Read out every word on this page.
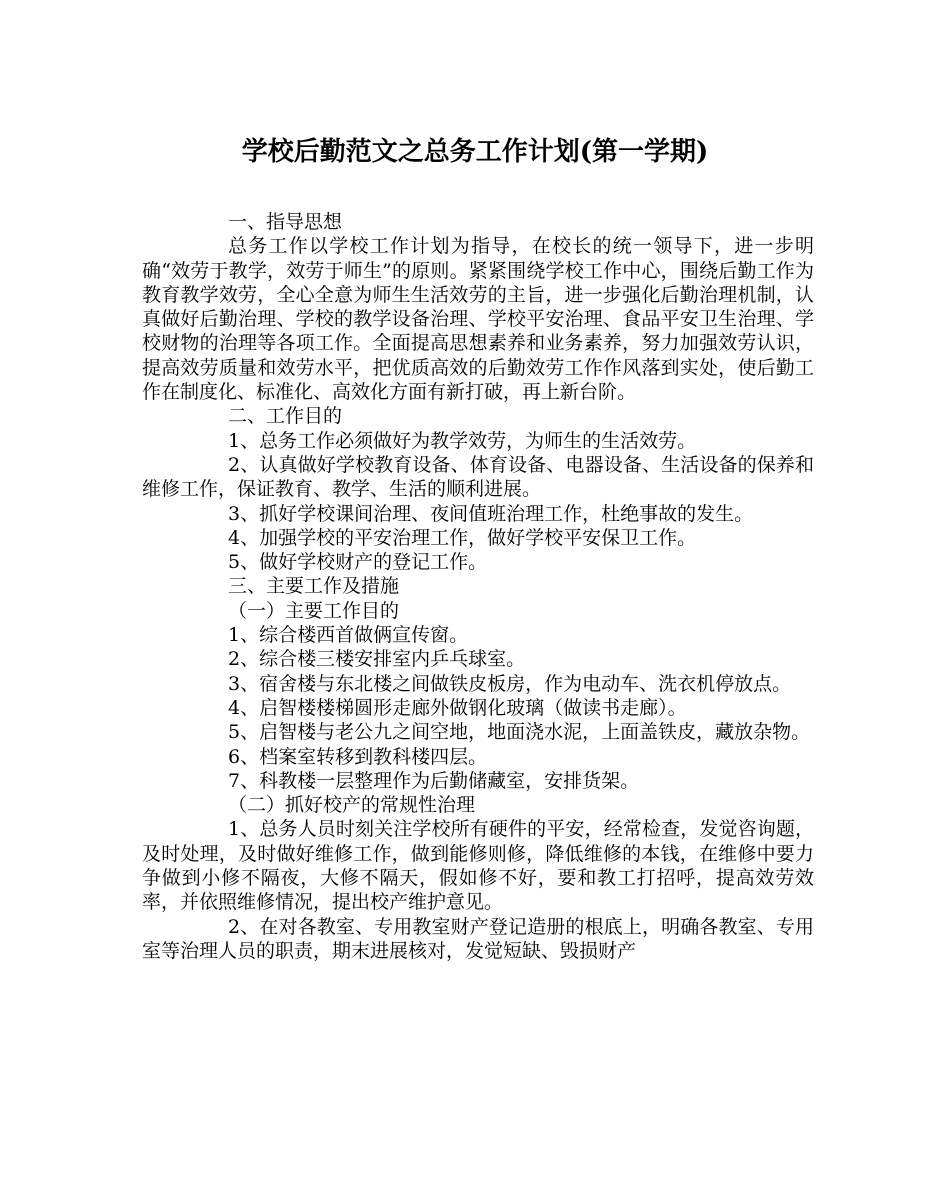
学校后勤范文之总务工作计划(第一学期)

一、指导思想

总务工作以学校工作计划为指导，在校长的统一领导下，进一步明确“效劳于教学，效劳于师生”的原则。紧紧围绕学校工作中心，围绕后勤工作为教育教学效劳，全心全意为师生生活效劳的主旨，进一步强化后勤治理机制，认真做好后勤治理、学校的教学设备治理、学校平安治理、食品平安卫生治理、学校财物的治理等各项工作。全面提高思想素养和业务素养，努力加强效劳认识，提高效劳质量和效劳水平，把优质高效的后勤效劳工作作风落到实处，使后勤工作在制度化、标准化、高效化方面有新打破，再上新台阶。

二、工作目的

1、总务工作必须做好为教学效劳，为师生的生活效劳。

2、认真做好学校教育设备、体育设备、电器设备、生活设备的保养和维修工作，保证教育、教学、生活的顺利进展。

3、抓好学校课间治理、夜间值班治理工作，杜绝事故的发生。

4、加强学校的平安治理工作，做好学校平安保卫工作。

5、做好学校财产的登记工作。

三、主要工作及措施

（一）主要工作目的

1、综合楼西首做俩宣传窗。

2、综合楼三楼安排室内乒乓球室。

3、宿舍楼与东北楼之间做铁皮板房，作为电动车、洗衣机停放点。

4、启智楼楼梯圆形走廊外做钢化玻璃（做读书走廊）。

5、启智楼与老公九之间空地，地面浇水泥，上面盖铁皮，藏放杂物。

6、档案室转移到教科楼四层。

7、科教楼一层整理作为后勤储藏室，安排货架。

（二）抓好校产的常规性治理

1、总务人员时刻关注学校所有硬件的平安，经常检查，发觉咨询题，及时处理，及时做好维修工作，做到能修则修，降低维修的本钱，在维修中要力争做到小修不隔夜，大修不隔天，假如修不好，要和教工打招呼，提高效劳效率，并依照维修情况，提出校产维护意见。

2、在对各教室、专用教室财产登记造册的根底上，明确各教室、专用室等治理人员的职责，期末进展核对，发觉短缺、毁损财产
